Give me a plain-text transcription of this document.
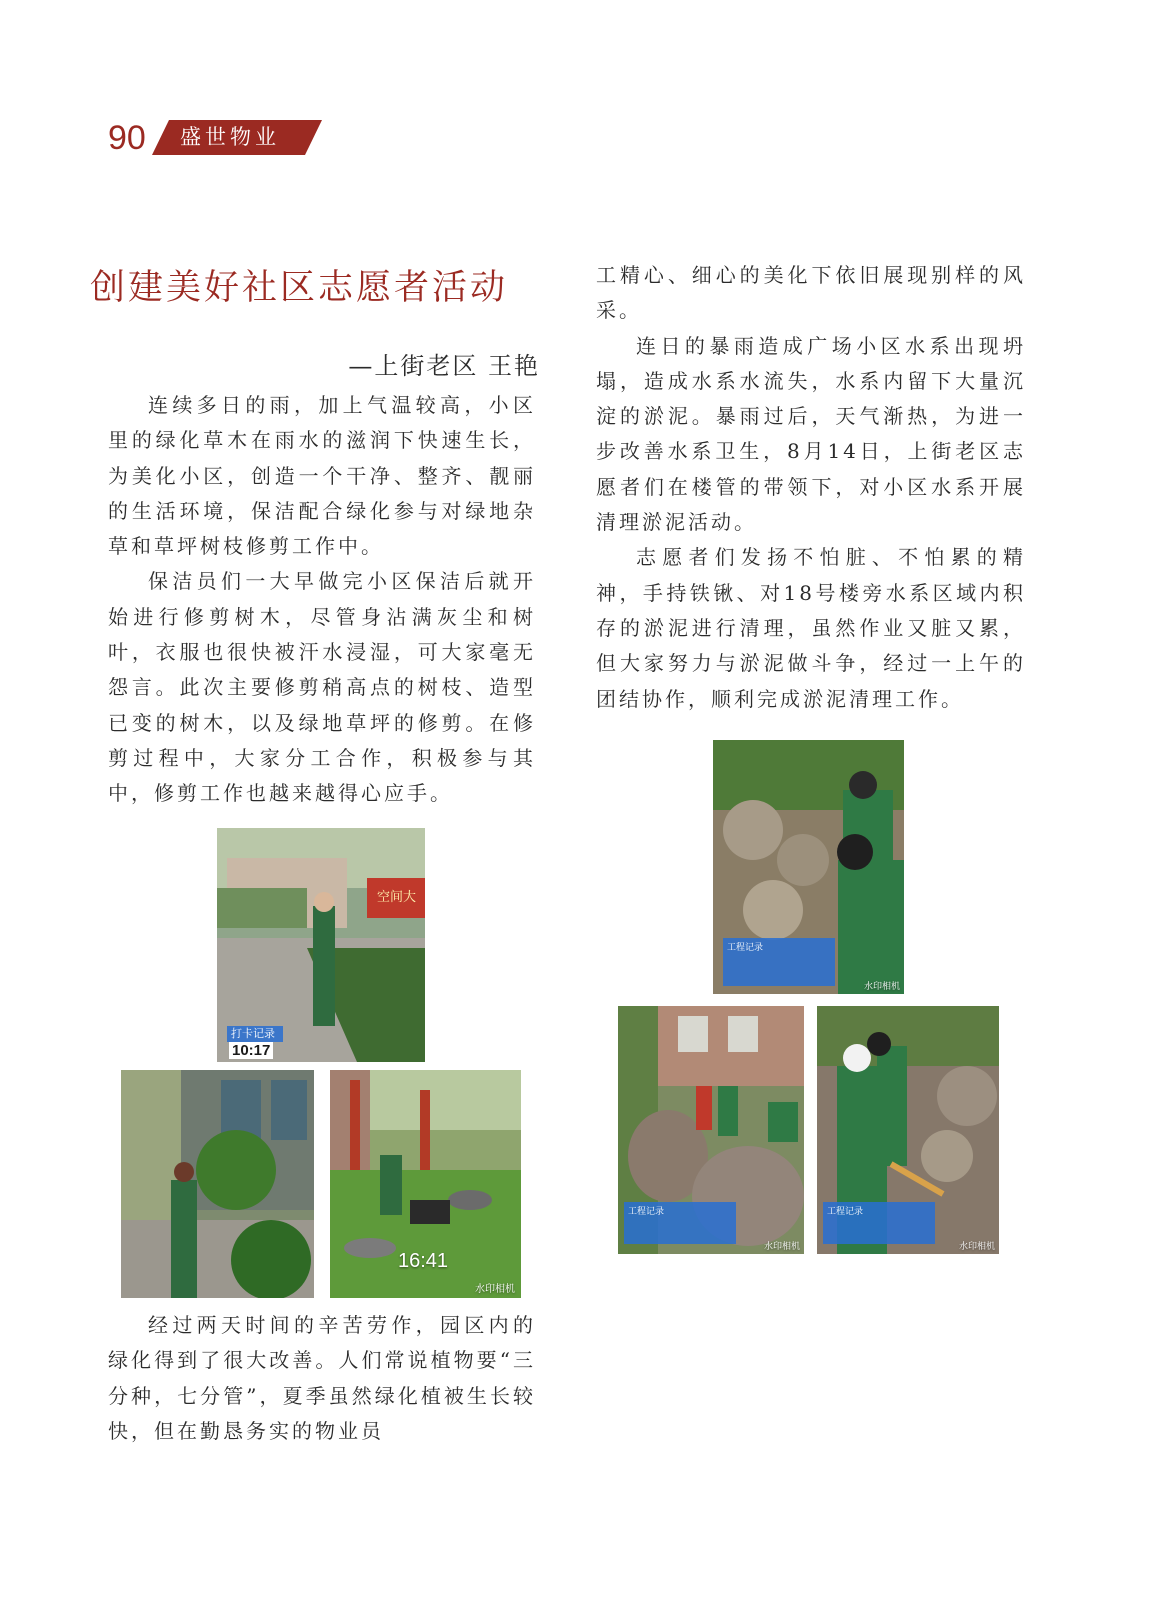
90 盛世物业
创建美好社区志愿者活动
—上街老区 王艳

连续多日的雨，加上气温较高，小区里的绿化草木在雨水的滋润下快速生长，为美化小区，创造一个干净、整齐、靓丽的生活环境，保洁配合绿化参与对绿地杂草和草坪树枝修剪工作中。

保洁员们一大早做完小区保洁后就开始进行修剪树木，尽管身沾满灰尘和树叶，衣服也很快被汗水浸湿，可大家毫无怨言。此次主要修剪稍高点的树枝、造型已变的树木，以及绿地草坪的修剪。在修剪过程中，大家分工合作，积极参与其中，修剪工作也越来越得心应手。

空间大
打卡记录
10:17
16:41
水印相机

经过两天时间的辛苦劳作，园区内的绿化得到了很大改善。人们常说植物要“三分种，七分管”，夏季虽然绿化植被生长较快，但在勤恳务实的物业员

工精心、细心的美化下依旧展现别样的风采。

连日的暴雨造成广场小区水系出现坍塌，造成水系水流失，水系内留下大量沉淀的淤泥。暴雨过后，天气渐热，为进一步改善水系卫生，8月14日，上街老区志愿者们在楼管的带领下，对小区水系开展清理淤泥活动。

志愿者们发扬不怕脏、不怕累的精神，手持铁锹、对18号楼旁水系区域内积存的淤泥进行清理，虽然作业又脏又累，但大家努力与淤泥做斗争，经过一上午的团结协作，顺利完成淤泥清理工作。

工程记录
水印相机
工程记录
水印相机
工程记录
水印相机
